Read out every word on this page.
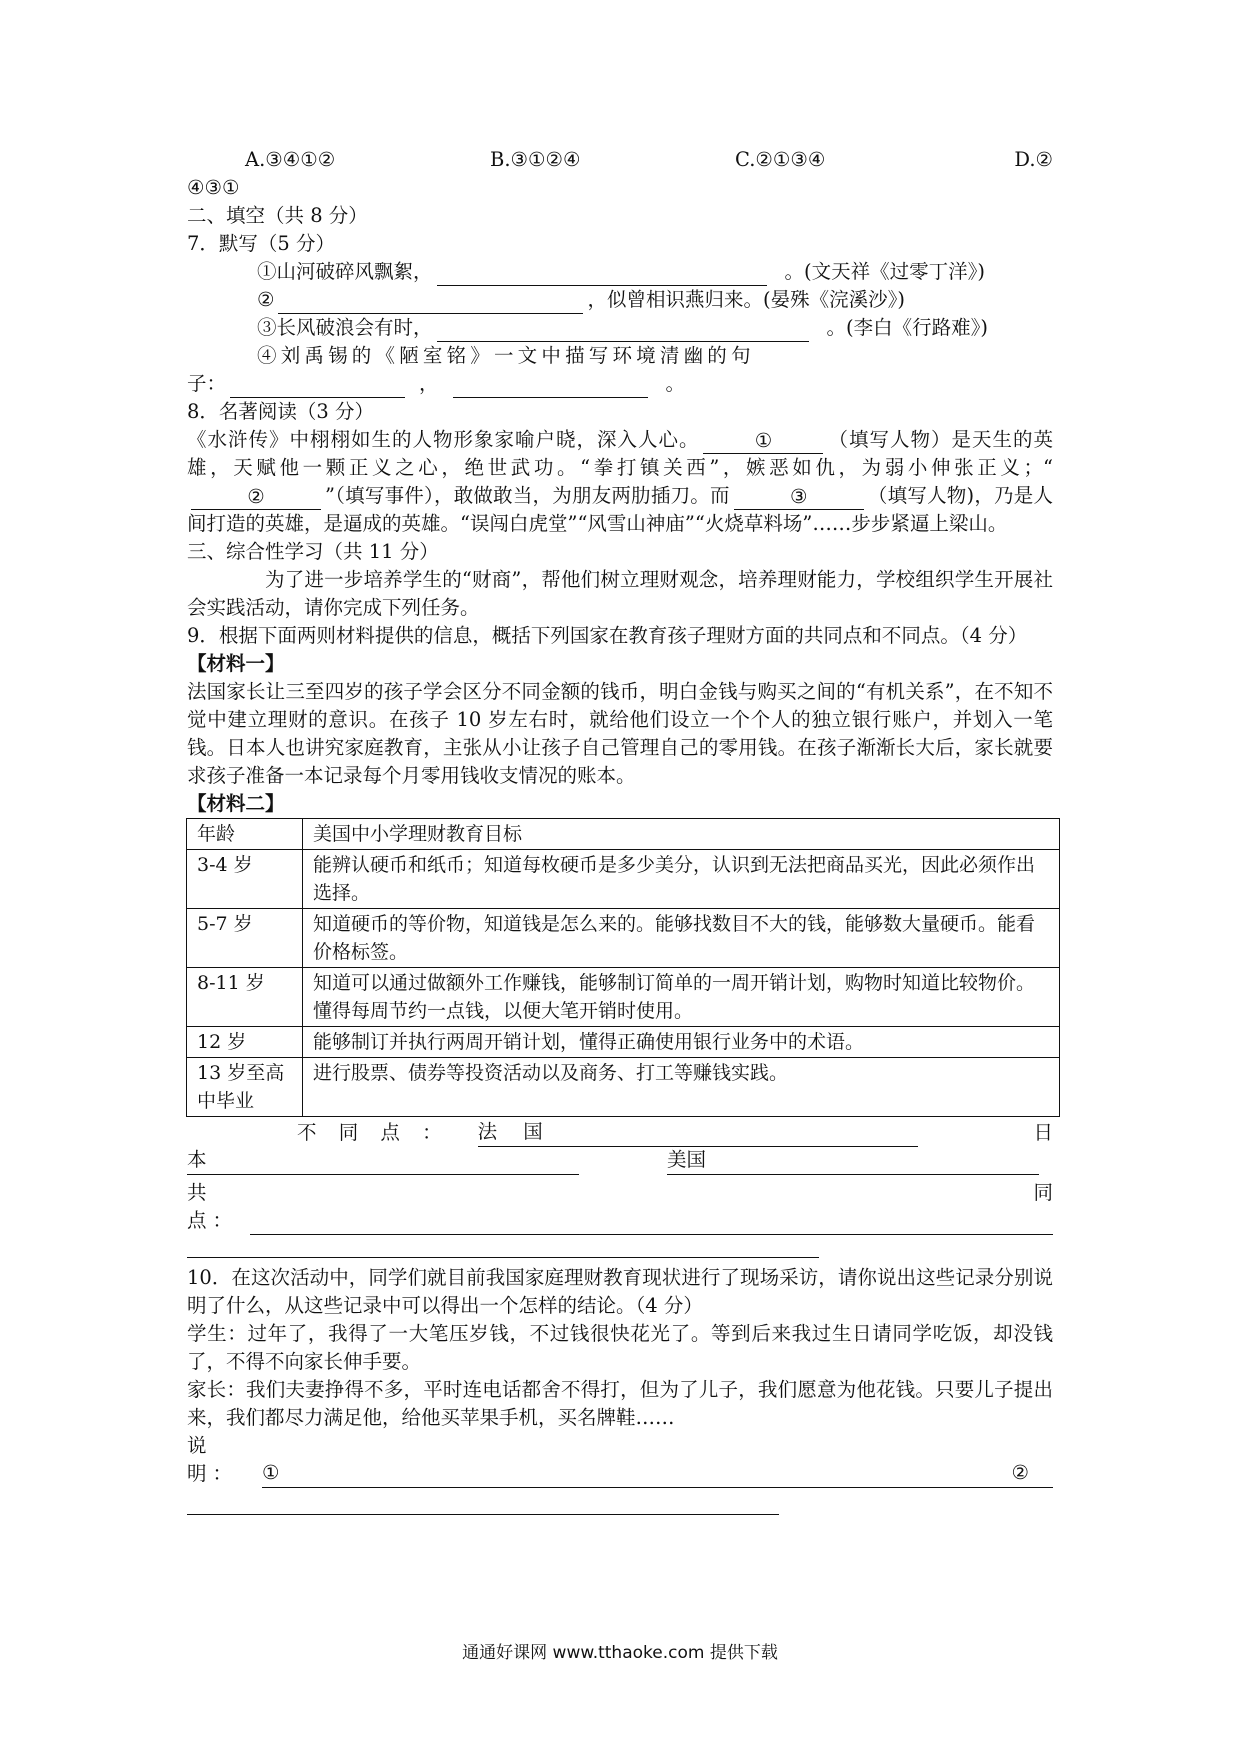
A.③④①②	B.③①②④	C.②①③④	D.②
④③①
二、填空（共 8 分）
7．默写（5 分）
①山河破碎风飘絮，	。(文天祥《过零丁洋》)
②	，似曾相识燕归来。(晏殊《浣溪沙》)
③长风破浪会有时，	。(李白《行路难》)
④ 刘 禹 锡 的 《 陋 室 铭 》 一 文 中 描 写 环 境 清 幽 的 句
子：	，	。
8．名著阅读（3 分）
《水浒传》中栩栩如生的人物形象家喻户晓，深入人心。	①	（填写人物）是天生的英雄，天赋他一颗正义之心，绝世武功。“拳打镇关西”，嫉恶如仇，为弱小伸张正义；“②	”（填写事件），敢做敢当，为朋友两肋插刀。而	③	（填写人物)，乃是人间打造的英雄，是逼成的英雄。“误闯白虎堂”“风雪山神庙”“火烧草料场”……步步紧逼上梁山。
三、综合性学习（共 11 分）
为了进一步培养学生的“财商”，帮他们树立理财观念，培养理财能力，学校组织学生开展社会实践活动，请你完成下列任务。
9．根据下面两则材料提供的信息，概括下列国家在教育孩子理财方面的共同点和不同点。（4 分）
【材料一】
法国家长让三至四岁的孩子学会区分不同金额的钱币，明白金钱与购买之间的“有机关系”，在不知不觉中建立理财的意识。在孩子 10 岁左右时，就给他们设立一个个人的独立银行账户，并划入一笔钱。日本人也讲究家庭教育，主张从小让孩子自己管理自己的零用钱。在孩子渐渐长大后，家长就要求孩子准备一本记录每个月零用钱收支情况的账本。
【材料二】
年龄	美国中小学理财教育目标
3-4 岁	能辨认硬币和纸币；知道每枚硬币是多少美分，认识到无法把商品买光，因此必须作出选择。
5-7 岁	知道硬币的等价物，知道钱是怎么来的。能够找数目不大的钱，能够数大量硬币。能看价格标签。
8-11 岁	知道可以通过做额外工作赚钱，能够制订简单的一周开销计划，购物时知道比较物价。懂得每周节约一点钱，以便大笔开销时使用。
12 岁	能够制订并执行两周开销计划，懂得正确使用银行业务中的术语。
13 岁至高中毕业	进行股票、债券等投资活动以及商务、打工等赚钱实践。
不 同 点 ： 法 国	日
本	美国
共	同
点：
10．在这次活动中，同学们就目前我国家庭理财教育现状进行了现场采访，请你说出这些记录分别说明了什么，从这些记录中可以得出一个怎样的结论。（4 分）
学生：过年了，我得了一大笔压岁钱，不过钱很快花光了。等到后来我过生日请同学吃饭，却没钱了，不得不向家长伸手要。
家长：我们夫妻挣得不多，平时连电话都舍不得打，但为了儿子，我们愿意为他花钱。只要儿子提出来，我们都尽力满足他，给他买苹果手机，买名牌鞋……
说
明： ①	②
通通好课网 www.tthaoke.com 提供下载
